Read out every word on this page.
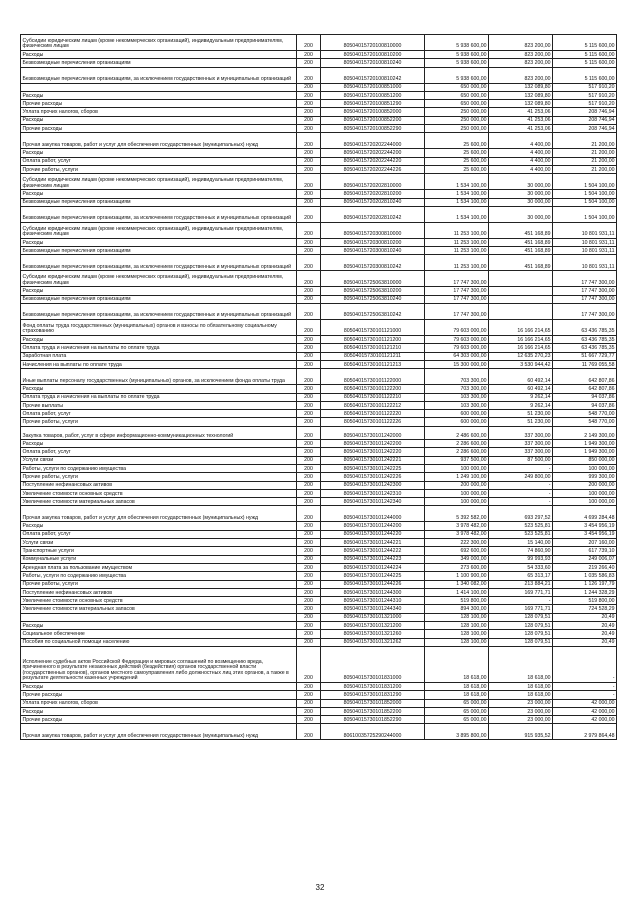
Субсидии юридическим лицам (кроме некоммерческих организаций), индивидуальным предпринимателям, физическим лицам	200	80504015720100810000	5 938 600,00	823 200,00	5 115 600,00
Расходы	200	80504015720100810200	5 938 600,00	823 200,00	5 115 600,00
Безвозмездные перечисления организациям	200	80504015720100810240	5 938 600,00	823 200,00	5 115 600,00
Безвозмездные перечисления организациям, за исключением государственных и муниципальных организаций	200	80504015720100810242	5 938 600,00	823 200,00	5 115 600,00
	200	80504015720100851000	650 000,00	132 089,80	517 910,20
Расходы	200	80504015720100851200	650 000,00	132 089,80	517 910,20
Прочие расходы	200	80504015720100851290	650 000,00	132 089,80	517 910,20
Уплата прочих налогов, сборов	200	80504015720100852000	250 000,00	41 253,06	208 746,94
Расходы	200	80504015720100852200	250 000,00	41 253,06	208 746,94
Прочие расходы	200	80504015720100852290	250 000,00	41 253,06	208 746,94
Прочая закупка товаров, работ и услуг для обеспечения государственных (муниципальных) нужд	200	80504015720202244000	25 600,00	4 400,00	21 200,00
Расходы	200	80504015720202244200	25 600,00	4 400,00	21 200,00
Оплата работ, услуг	200	80504015720202244220	25 600,00	4 400,00	21 200,00
Прочие работы, услуги	200	80504015720202244226	25 600,00	4 400,00	21 200,00
Субсидии юридическим лицам (кроме некоммерческих организаций), индивидуальным предпринимателям, физическим лицам	200	80504015720202810000	1 534 100,00	30 000,00	1 504 100,00
Расходы	200	80504015720202810200	1 534 100,00	30 000,00	1 504 100,00
Безвозмездные перечисления организациям	200	80504015720202810240	1 534 100,00	30 000,00	1 504 100,00
Безвозмездные перечисления организациям, за исключением государственных и муниципальных организаций	200	80504015720202810242	1 534 100,00	30 000,00	1 504 100,00
Субсидии юридическим лицам (кроме некоммерческих организаций), индивидуальным предпринимателям, физическим лицам	200	80504015720300810000	11 253 100,00	451 168,89	10 801 931,11
Расходы	200	80504015720300810200	11 253 100,00	451 168,89	10 801 931,11
Безвозмездные перечисления организациям	200	80504015720300810240	11 253 100,00	451 168,89	10 801 931,11
Безвозмездные перечисления организациям, за исключением государственных и муниципальных организаций	200	80504015720300810242	11 253 100,00	451 168,89	10 801 931,11
Субсидии юридическим лицам (кроме некоммерческих организаций), индивидуальным предпринимателям, физическим лицам	200	80504015725063810000	17 747 300,00		17 747 300,00
Расходы	200	80504015725063810200	17 747 300,00		17 747 300,00
Безвозмездные перечисления организациям	200	80504015725063810240	17 747 300,00		17 747 300,00
Безвозмездные перечисления организациям, за исключением государственных и муниципальных организаций	200	80504015725063810242	17 747 300,00		17 747 300,00
Фонд оплаты труда государственных (муниципальных) органов и взносы по обязательному социальному страхованию	200	80504015730101121000	79 603 000,00	16 166 214,65	63 436 785,35
Расходы	200	80504015730101121200	79 603 000,00	16 166 214,65	63 436 785,35
Оплата труда и начисления на выплаты по оплате труда	200	80504015730101121210	79 603 000,00	16 166 214,65	63 436 785,35
Заработная плата	200	80504015730101121211	64 303 000,00	12 635 270,23	51 667 729,77
Начисления на выплаты по оплате труда	200	80504015730101121213	15 300 000,00	3 530 944,42	11 769 055,58
Иные выплаты персоналу государственных (муниципальных) органов, за исключением фонда оплаты труда	200	80504015730101122000	703 300,00	60 492,14	642 807,86
Расходы	200	80504015730101122200	703 300,00	60 492,14	642 807,86
Оплата труда и начисления на выплаты по оплате труда	200	80504015730101122210	103 300,00	9 262,14	94 037,86
Прочие выплаты	200	80504015730101122212	103 300,00	9 262,14	94 037,86
Оплата работ, услуг	200	80504015730101122220	600 000,00	51 230,00	548 770,00
Прочие работы, услуги	200	80504015730101122226	600 000,00	51 230,00	548 770,00
Закупка товаров, работ, услуг в сфере информационно-коммуникационных технологий	200	80504015730101242000	2 486 600,00	337 300,00	2 149 300,00
Расходы	200	80504015730101242200	2 286 600,00	337 300,00	1 949 300,00
Оплата работ, услуг	200	80504015730101242220	2 286 600,00	337 300,00	1 949 300,00
Услуги связи	200	80504015730101242221	937 500,00	87 500,00	850 000,00
Работы, услуги по содержанию имущества	200	80504015730101242225	100 000,00	-	100 000,00
Прочие работы, услуги	200	80504015730101242226	1 249 100,00	249 800,00	999 300,00
Поступление нефинансовых активов	200	80504015730101242300	200 000,00	-	200 000,00
Увеличение стоимости основных средств	200	80504015730101242310	100 000,00	-	100 000,00
Увеличение стоимости материальных запасов	200	80504015730101242340	100 000,00	-	100 000,00
Прочая закупка товаров, работ и услуг для обеспечения государственных (муниципальных) нужд	200	80504015730101244000	5 392 582,00	693 297,52	4 699 284,48
Расходы	200	80504015730101244200	3 978 482,00	523 525,81	3 454 956,19
Оплата работ, услуг	200	80504015730101244220	3 978 482,00	523 525,81	3 454 956,19
Услуги связи	200	80504015730101244221	222 300,00	15 140,00	207 160,00
Транспортные услуги	200	80504015730101244222	692 600,00	74 860,90	617 739,10
Коммунальные услуги	200	80504015730101244223	349 000,00	99 993,93	249 006,07
Арендная плата за пользование имуществом	200	80504015730101244224	273 600,00	54 333,60	219 266,40
Работы, услуги по содержанию имущества	200	80504015730101244225	1 100 900,00	65 313,17	1 035 586,83
Прочие работы, услуги	200	80504015730101244226	1 340 082,00	213 884,21	1 126 197,79
Поступление нефинансовых активов	200	80504015730101244300	1 414 100,00	169 771,71	1 244 328,29
Увеличение стоимости основных средств	200	80504015730101244310	519 800,00	-	519 800,00
Увеличение стоимости материальных запасов	200	80504015730101244340	894 300,00	169 771,71	724 528,29
	200	80504015730101321000	128 100,00	128 079,51	20,49
Расходы	200	80504015730101321200	128 100,00	128 079,51	20,49
Социальное обеспечение	200	80504015730101321260	128 100,00	128 079,51	20,49
Пособия по социальной помощи населению	200	80504015730101321262	128 100,00	128 079,51	20,49
Исполнение судебных актов Российской Федерации и мировых соглашений по возмещению вреда, причиненного в результате незаконных действий (бездействия) органов государственной власти (государственных органов), органов местного самоуправления либо должностных лиц этих органов, а также в результате деятельности казенных учреждений	200	80504015730101831000	18 618,00	18 618,00	-
Расходы	200	80504015730101831200	18 618,00	18 618,00	-
Прочие расходы	200	80504015730101831290	18 618,00	18 618,00	-
Уплата прочих налогов, сборов	200	80504015730101852000	65 000,00	23 000,00	42 000,00
Расходы	200	80504015730101852200	65 000,00	23 000,00	42 000,00
Прочие расходы	200	80504015730101852290	65 000,00	23 000,00	42 000,00
Прочая закупка товаров, работ и услуг для обеспечения государственных (муниципальных) нужд	200	80610035725290244000	3 895 800,00	915 935,52	2 979 864,48
32
